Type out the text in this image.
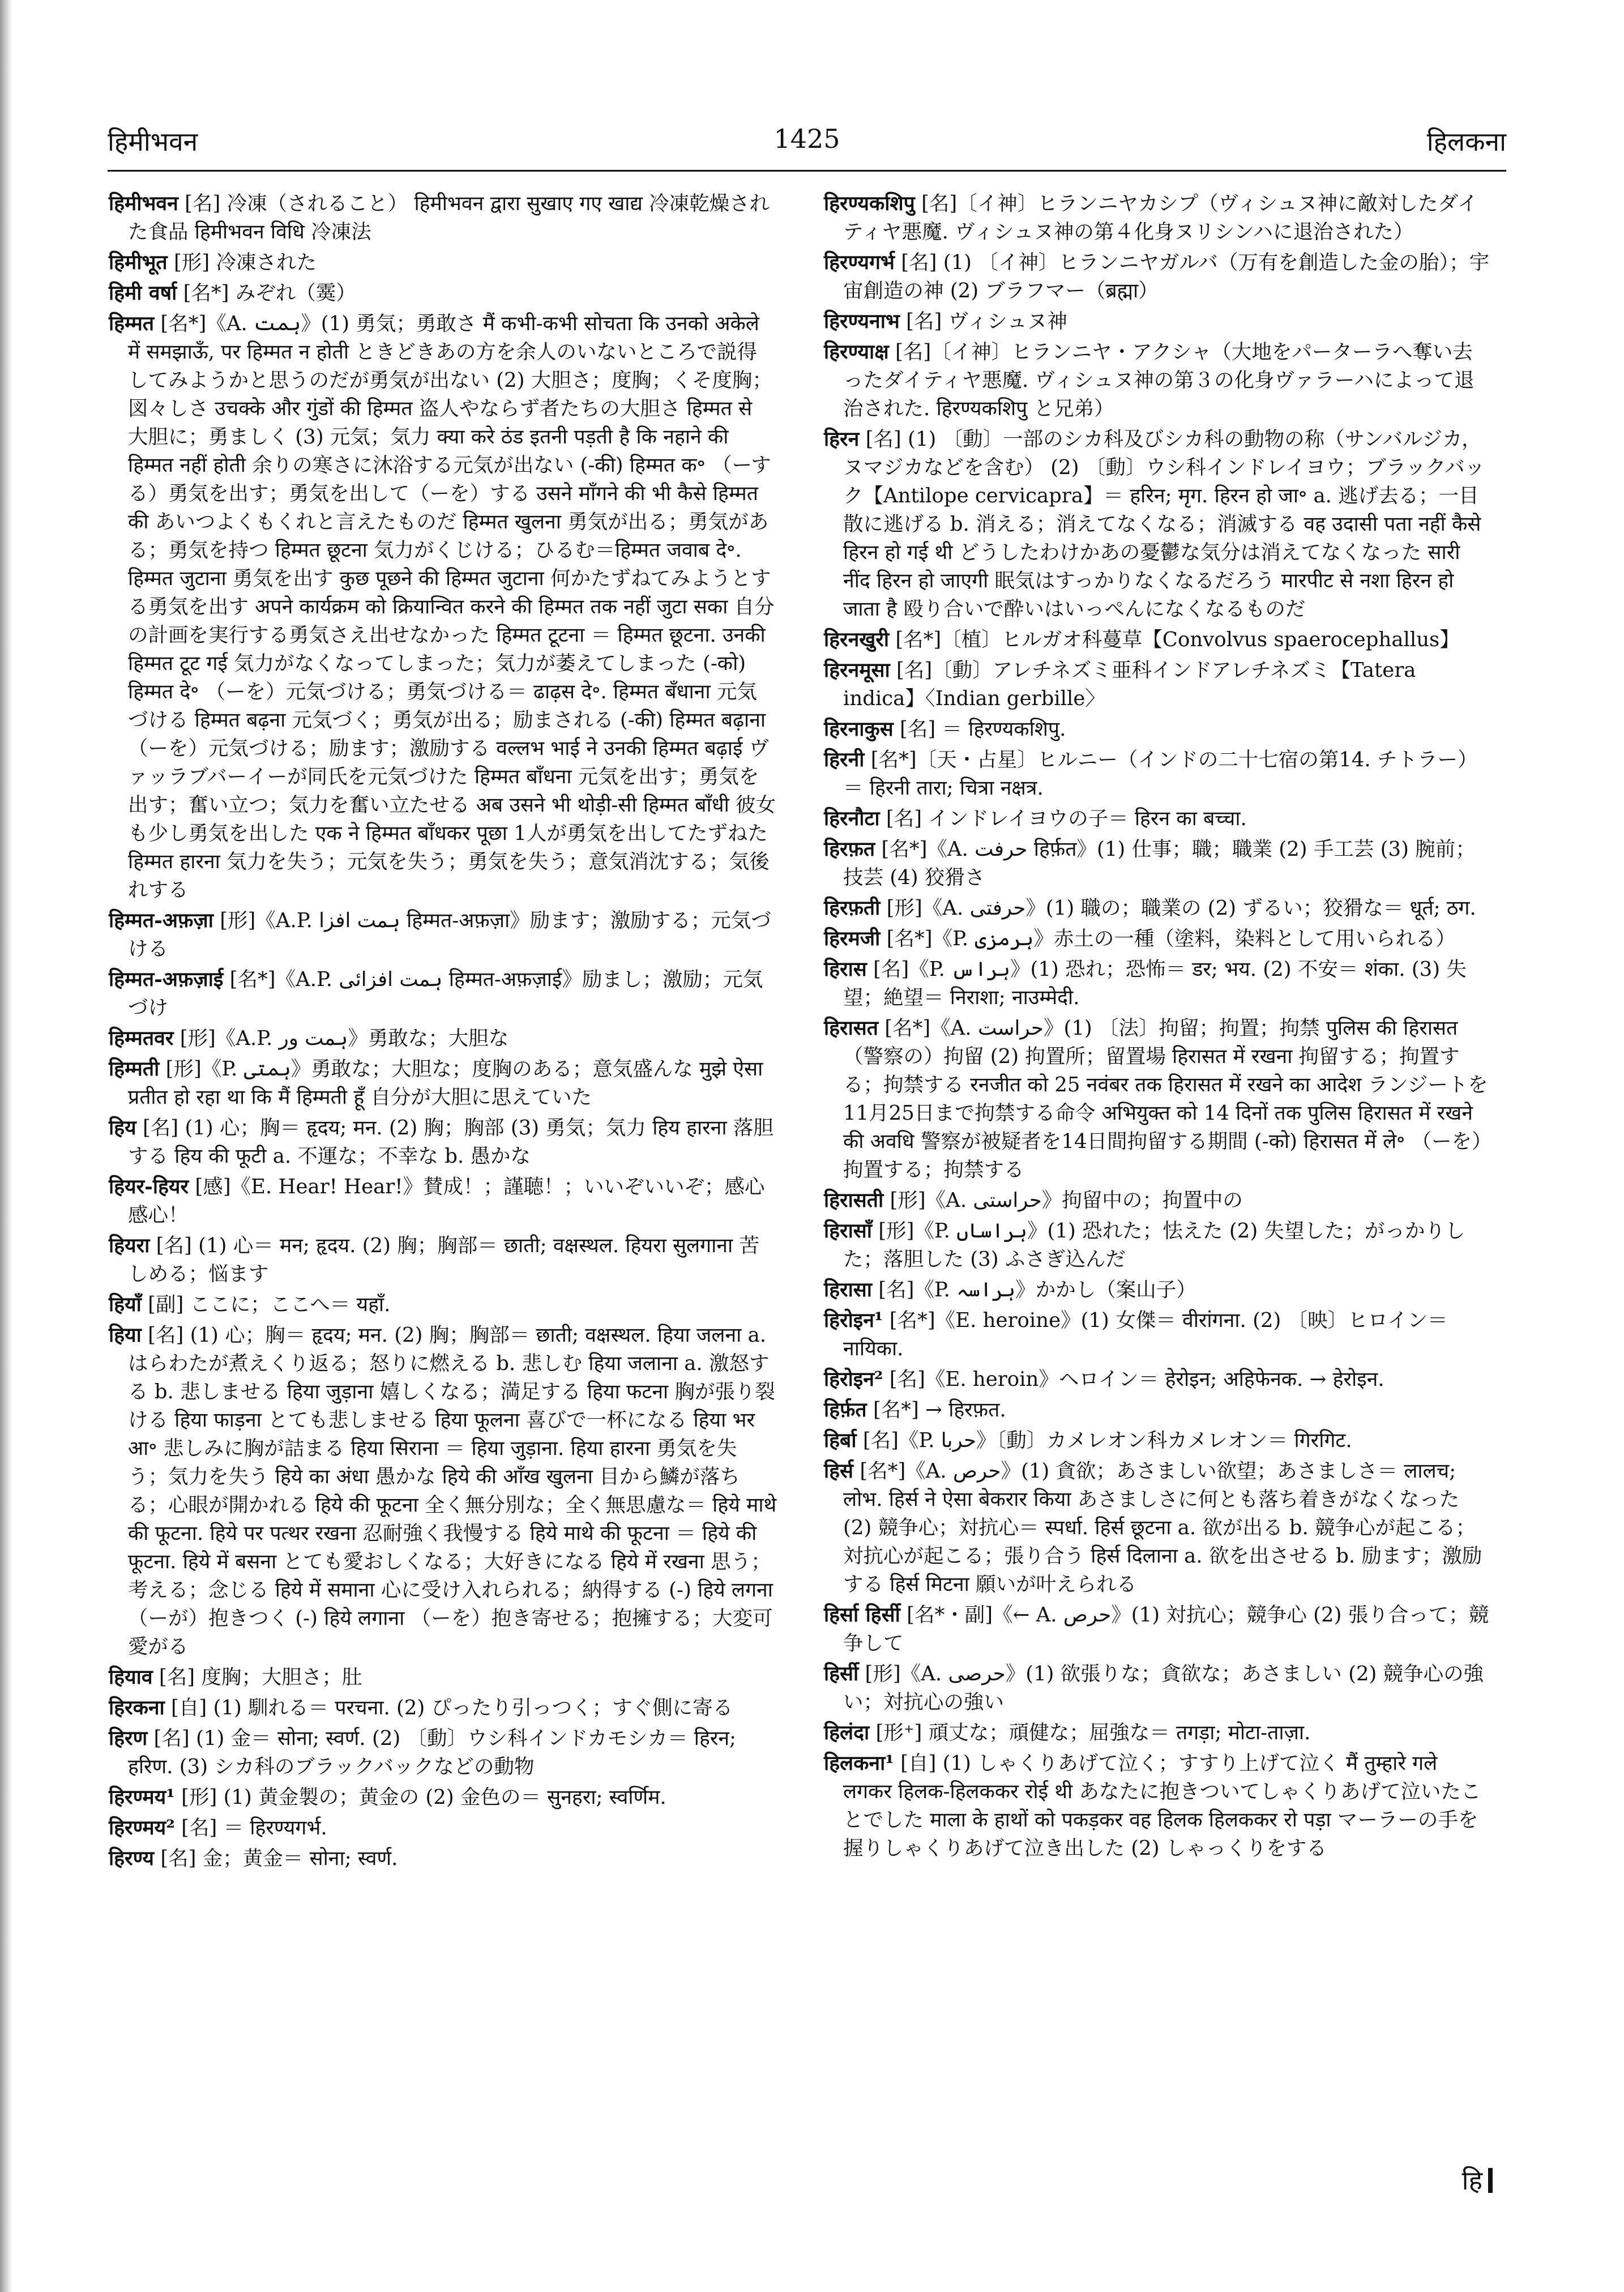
हिमीभवन	1425	हिलकना

हिमीभवन [名] 冷凍（されること） हिमीभवन द्वारा सुखाए गए खाद्य 冷凍乾燥された食品 हिमीभवन विधि 冷凍法

हिमीभूत [形] 冷凍された

हिमी वर्षा [名*] みぞれ（霙）

हिम्मत [名*]《A. ہمت》(1) 勇気；勇敢さ मैं कभी-कभी सोचता कि उनको अकेले में समझाऊँ, पर हिम्मत न होती ときどきあの方を余人のいないところで説得してみようかと思うのだが勇気が出ない (2) 大胆さ；度胸；くそ度胸；図々しさ उचक्के और गुंडों की हिम्मत 盗人やならず者たちの大胆さ हिम्मत से 大胆に；勇ましく (3) 元気；気力 क्या करे ठंड इतनी पड़ती है कि नहाने की हिम्मत नहीं होती 余りの寒さに沐浴する元気が出ない (-की) हिम्मत क॰ （ーする）勇気を出す；勇気を出して（ーを）する उसने माँगने की भी कैसे हिम्मत की あいつよくもくれと言えたものだ हिम्मत खुलना 勇気が出る；勇気がある；勇気を持つ हिम्मत छूटना 気力がくじける；ひるむ＝हिम्मत जवाब दे॰. हिम्मत जुटाना 勇気を出す कुछ पूछने की हिम्मत जुटाना 何かたずねてみようとする勇気を出す अपने कार्यक्रम को क्रियान्वित करने की हिम्मत तक नहीं जुटा सका 自分の計画を実行する勇気さえ出せなかった हिम्मत टूटना ＝ हिम्मत छूटना. उनकी हिम्मत टूट गई 気力がなくなってしまった；気力が萎えてしまった (-को) हिम्मत दे॰ （ーを）元気づける；勇気づける＝ ढाढ़स दे॰. हिम्मत बँधाना 元気づける हिम्मत बढ़ना 元気づく；勇気が出る；励まされる (-की) हिम्मत बढ़ाना （ーを）元気づける；励ます；激励する वल्लभ भाई ने उनकी हिम्मत बढ़ाई ヴァッラブバーイーが同氏を元気づけた हिम्मत बाँधना 元気を出す；勇気を出す；奮い立つ；気力を奮い立たせる अब उसने भी थोड़ी-सी हिम्मत बाँधी 彼女も少し勇気を出した एक ने हिम्मत बाँधकर पूछा 1人が勇気を出してたずねた हिम्मत हारना 気力を失う；元気を失う；勇気を失う；意気消沈する；気後れする

हिम्मत-अफ़ज़ा [形]《A.P. ہمت افزا हिम्मत-अफ़ज़ा》励ます；激励する；元気づける

हिम्मत-अफ़ज़ाई [名*]《A.P. ہمت افزائی हिम्मत-अफ़ज़ाई》励まし；激励；元気づけ

हिम्मतवर [形]《A.P. ہمت ور》勇敢な；大胆な

हिम्मती [形]《P. ہمتی》勇敢な；大胆な；度胸のある；意気盛んな मुझे ऐसा प्रतीत हो रहा था कि मैं हिम्मती हूँ 自分が大胆に思えていた

हिय [名] (1) 心；胸＝ हृदय; मन. (2) 胸；胸部 (3) 勇気；気力 हिय हारना 落胆する हिय की फूटी a. 不運な；不幸な b. 愚かな

हियर-हियर [感]《E. Hear! Hear!》賛成！；謹聴！；いいぞいいぞ；感心感心！

हियरा [名] (1) 心＝ मन; हृदय. (2) 胸；胸部＝ छाती; वक्षस्थल. हियरा सुलगाना 苦しめる；悩ます

हियाँ [副] ここに；ここへ＝ यहाँ.

हिया [名] (1) 心；胸＝ हृदय; मन. (2) 胸；胸部＝ छाती; वक्षस्थल. हिया जलना a. はらわたが煮えくり返る；怒りに燃える b. 悲しむ हिया जलाना a. 激怒する b. 悲しませる हिया जुड़ाना 嬉しくなる；満足する हिया फटना 胸が張り裂ける हिया फाड़ना とても悲しませる हिया फूलना 喜びで一杯になる हिया भर आ॰ 悲しみに胸が詰まる हिया सिराना ＝ हिया जुड़ाना. हिया हारना 勇気を失う；気力を失う हिये का अंधा 愚かな हिये की आँख खुलना 目から鱗が落ちる；心眼が開かれる हिये की फूटना 全く無分別な；全く無思慮な＝ हिये माथे की फूटना. हिये पर पत्थर रखना 忍耐強く我慢する हिये माथे की फूटना ＝ हिये की फूटना. हिये में बसना とても愛おしくなる；大好きになる हिये में रखना 思う；考える；念じる हिये में समाना 心に受け入れられる；納得する (-) हिये लगना （ーが）抱きつく (-) हिये लगाना （ーを）抱き寄せる；抱擁する；大変可愛がる

हियाव [名] 度胸；大胆さ；肚

हिरकना [自] (1) 馴れる＝ परचना. (2) ぴったり引っつく；すぐ側に寄る

हिरण [名] (1) 金＝ सोना; स्वर्ण. (2) 〔動〕ウシ科インドカモシカ＝ हिरन; हरिण. (3) シカ科のブラックバックなどの動物

हिरण्मय¹ [形] (1) 黄金製の；黄金の (2) 金色の＝ सुनहरा; स्वर्णिम.

हिरण्मय² [名] ＝ हिरण्यगर्भ.

हिरण्य [名] 金；黄金＝ सोना; स्वर्ण.

हिरण्यकशिपु [名]〔イ神〕ヒランニヤカシプ（ヴィシュヌ神に敵対したダイティヤ悪魔. ヴィシュヌ神の第４化身ヌリシンハに退治された）

हिरण्यगर्भ [名] (1) 〔イ神〕ヒランニヤガルバ（万有を創造した金の胎）；宇宙創造の神 (2) ブラフマー（ब्रह्मा）

हिरण्यनाभ [名] ヴィシュヌ神

हिरण्याक्ष [名]〔イ神〕ヒランニヤ・アクシャ（大地をパーターラへ奪い去ったダイティヤ悪魔. ヴィシュヌ神の第３の化身ヴァラーハによって退治された. हिरण्यकशिपु と兄弟）

हिरन [名] (1) 〔動〕一部のシカ科及びシカ科の動物の称（サンバルジカ，ヌマジカなどを含む） (2) 〔動〕ウシ科インドレイヨウ；ブラックバック【Antilope cervicapra】＝ हरिन; मृग. हिरन हो जा॰ a. 逃げ去る；一目散に逃げる b. 消える；消えてなくなる；消滅する वह उदासी पता नहीं कैसे हिरन हो गई थी どうしたわけかあの憂鬱な気分は消えてなくなった सारी नींद हिरन हो जाएगी 眠気はすっかりなくなるだろう मारपीट से नशा हिरन हो जाता है 殴り合いで酔いはいっぺんになくなるものだ

हिरनखुरी [名*]〔植〕ヒルガオ科蔓草【Convolvus spaerocephallus】

हिरनमूसा [名]〔動〕アレチネズミ亜科インドアレチネズミ【Tatera indica】〈Indian gerbille〉

हिरनाकुस [名] ＝ हिरण्यकशिपु.

हिरनी [名*]〔天・占星〕ヒルニー（インドの二十七宿の第14. チトラー）＝ हिरनी तारा; चित्रा नक्षत्र.

हिरनौटा [名] インドレイヨウの子＝ हिरन का बच्चा.

हिरफ़त [名*]《A. حرفت हिर्फ़त》(1) 仕事；職；職業 (2) 手工芸 (3) 腕前；技芸 (4) 狡猾さ

हिरफ़ती [形]《A. حرفتی》(1) 職の；職業の (2) ずるい；狡猾な＝ धूर्त; ठग.

हिरमजी [名*]《P. ہرمزی》赤土の一種（塗料，染料として用いられる）

हिरास [名]《P. ہراس》(1) 恐れ；恐怖＝ डर; भय. (2) 不安＝ शंका. (3) 失望；絶望＝ निराशा; नाउम्मेदी.

हिरासत [名*]《A. حراست》(1) 〔法〕拘留；拘置；拘禁 पुलिस की हिरासत （警察の）拘留 (2) 拘置所；留置場 हिरासत में रखना 拘留する；拘置する；拘禁する रनजीत को 25 नवंबर तक हिरासत में रखने का आदेश ランジートを11月25日まで拘禁する命令 अभियुक्त को 14 दिनों तक पुलिस हिरासत में रखने की अवधि 警察が被疑者を14日間拘留する期間 (-को) हिरासत में ले॰ （ーを）拘置する；拘禁する

हिरासती [形]《A. حراستی》拘留中の；拘置中の

हिरासाँ [形]《P. ہراساں》(1) 恐れた；怯えた (2) 失望した；がっかりした；落胆した (3) ふさぎ込んだ

हिरासा [名]《P. ہراسہ》かかし（案山子）

हिरोइन¹ [名*]《E. heroine》(1) 女傑＝ वीरांगना. (2) 〔映〕ヒロイン＝ नायिका.

हिरोइन² [名]《E. heroin》ヘロイン＝ हेरोइन; अहिफेनक. → हेरोइन.

हिर्फ़त [名*] → हिरफ़त.

हिर्बा [名]《P. حربا》〔動〕カメレオン科カメレオン＝ गिरगिट.

हिर्स [名*]《A. حرص》(1) 貪欲；あさましい欲望；あさましさ＝ लालच; लोभ. हिर्स ने ऐसा बेकरार किया あさましさに何とも落ち着きがなくなった (2) 競争心；対抗心＝ स्पर्धा. हिर्स छूटना a. 欲が出る b. 競争心が起こる；対抗心が起こる；張り合う हिर्स दिलाना a. 欲を出させる b. 励ます；激励する हिर्स मिटना 願いが叶えられる

हिर्सा हिर्सी [名*・副]《← A. حرص》(1) 対抗心；競争心 (2) 張り合って；競争して

हिर्सी [形]《A. حرصی》(1) 欲張りな；貪欲な；あさましい (2) 競争心の強い；対抗心の強い

हिलंदा [形⁺] 頑丈な；頑健な；屈強な＝ तगड़ा; मोटा-ताज़ा.

हिलकना¹ [自] (1) しゃくりあげて泣く；すすり上げて泣く मैं तुम्हारे गले लगकर हिलक-हिलककर रोई थी あなたに抱きついてしゃくりあげて泣いたことでした माला के हाथों को पकड़कर वह हिलक हिलककर रो पड़ा マーラーの手を握りしゃくりあげて泣き出した (2) しゃっくりをする

हि
